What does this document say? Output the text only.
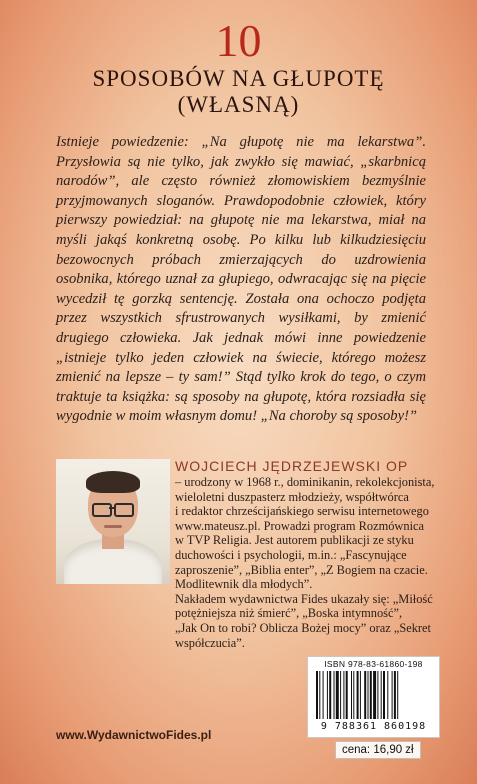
10
SPOSOBÓW NA GŁUPOTĘ
(WŁASNĄ)

Istnieje powiedzenie: „Na głupotę nie ma lekarstwa”. Przysłowia są nie tylko, jak zwykło się mawiać, „skarbnicą narodów”, ale często również złomowiskiem bezmyślnie przyjmowanych sloganów. Prawdopodobnie człowiek, który pierwszy powiedział: na głupotę nie ma lekarstwa, miał na myśli jakąś konkretną osobę. Po kilku lub kilkudziesięciu bezowocnych próbach zmierzających do uzdrowienia osobnika, którego uznał za głupiego, odwracając się na pięcie wycedził tę gorzką sentencję. Została ona ochoczo podjęta przez wszystkich sfrustrowanych wysiłkami, by zmienić drugiego człowieka. Jak jednak mówi inne powiedzenie „istnieje tylko jeden człowiek na świecie, którego możesz zmienić na lepsze – ty sam!” Stąd tylko krok do tego, o czym traktuje ta książka: są sposoby na głupotę, która rozsiadła się wygodnie w moim własnym domu! „Na choroby są sposoby!”

WOJCIECH JĘDRZEJEWSKI OP
– urodzony w 1968 r., dominikanin, rekolekcjonista,
wieloletni duszpasterz młodzieży, współtwórca
i redaktor chrześcijańskiego serwisu internetowego
www.mateusz.pl. Prowadzi program Rozmównica
w TVP Religia. Jest autorem publikacji ze styku
duchowości i psychologii, m.in.: „Fascynujące
zaproszenie”, „Biblia enter”, „Z Bogiem na czacie.
Modlitewnik dla młodych”.
Nakładem wydawnictwa Fides ukazały się: „Miłość
potężniejsza niż śmierć”, „Boska intymność”,
„Jak On to robi? Oblicza Bożej mocy” oraz „Sekret
współczucia”.
ISBN 978-83-61860-198
9 788361 860198
cena: 16,90 zł
www.WydawnictwoFides.pl
